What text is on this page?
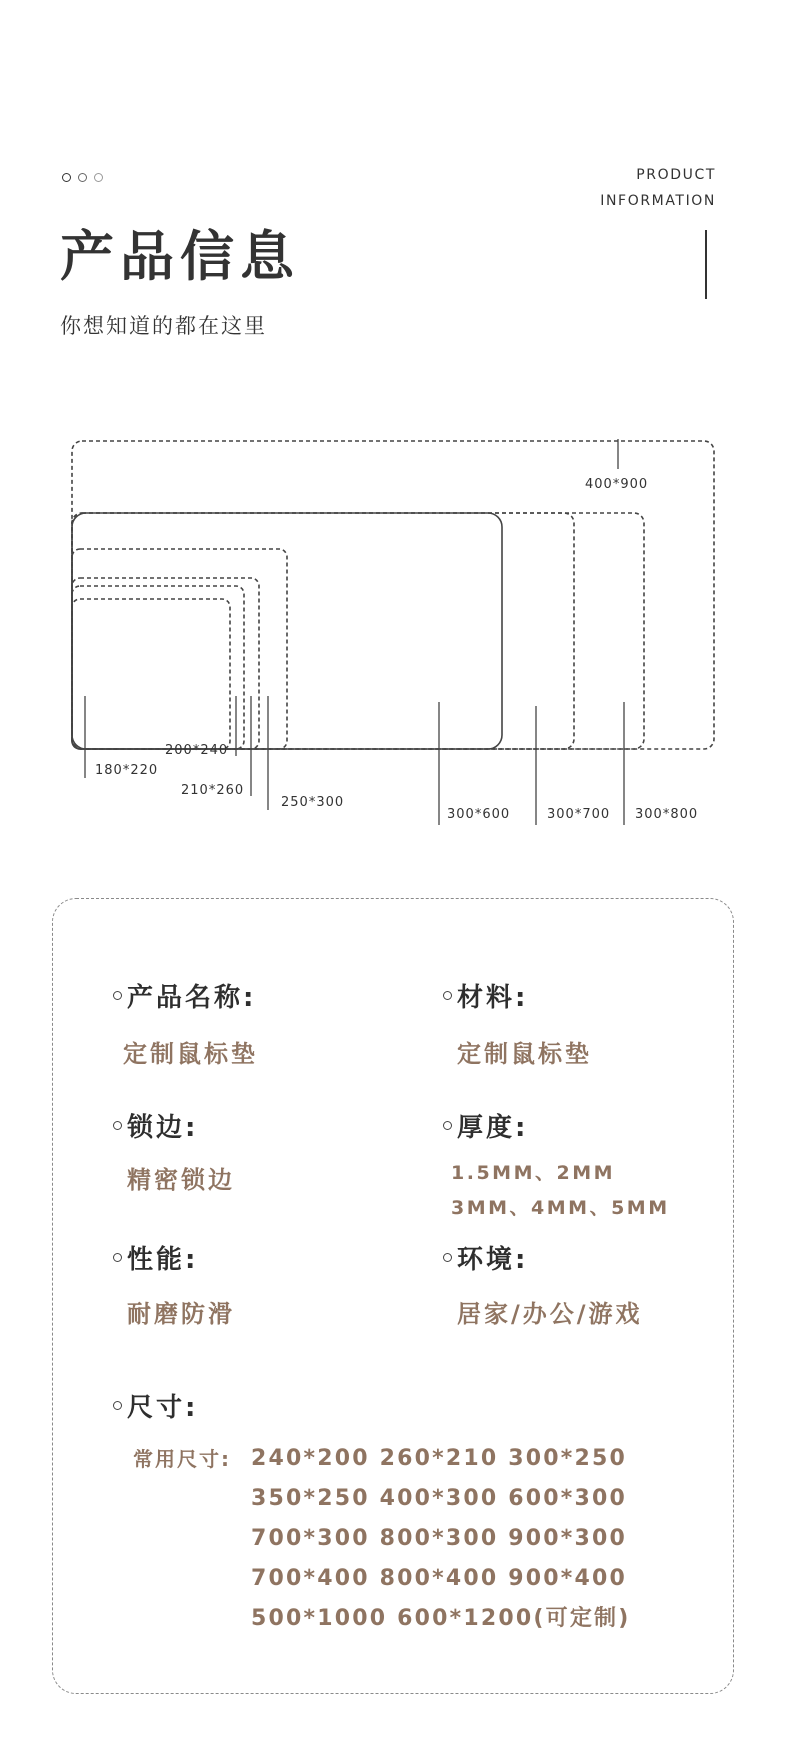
PRODUCT
INFORMATION
产品信息
你想知道的都在这里
400*900
180*220
200*240
210*260
250*300
300*600	300*700 300*800
产品名称:
定制鼠标垫
材料:
定制鼠标垫
锁边:
精密锁边
厚度:
1.5MM、2MM
3MM、4MM、5MM
性能:
耐磨防滑
环境:
居家/办公/游戏
尺寸:
常用尺寸: 240*200 260*210 300*250
350*250 400*300 600*300
700*300 800*300 900*300
700*400 800*400 900*400
500*1000 600*1200(可定制)
